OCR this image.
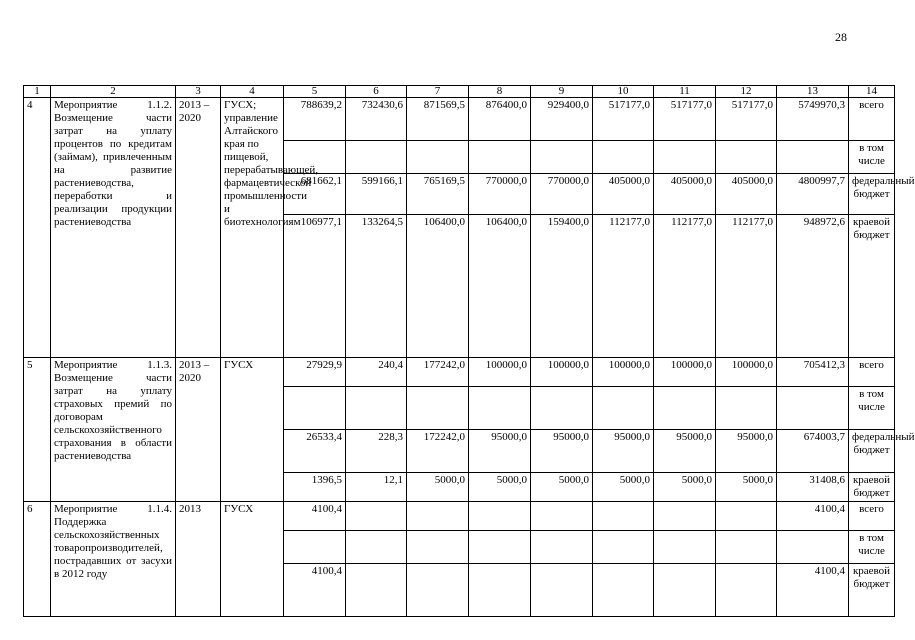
28
1	2	3	4	5	6	7	8	9	10	11	12	13	14
4	Мероприятие 1.1.2. Возмещение части затрат на уплату процентов по кредитам (займам), привлеченным на развитие растениеводства, переработки и реализации продукции растениеводства	2013 – 2020	ГУСХ; управление Алтайского края по пищевой, перерабатывающей, фармацевтической промышленности и биотехнологиям	788639,2	732430,6	871569,5	876400,0	929400,0	517177,0	517177,0	517177,0	5749970,3	всего
													в том числе
				681662,1	599166,1	765169,5	770000,0	770000,0	405000,0	405000,0	405000,0	4800997,7	федеральный бюджет
				106977,1	133264,5	106400,0	106400,0	159400,0	112177,0	112177,0	112177,0	948972,6	краевой бюджет
5	Мероприятие 1.1.3. Возмещение части затрат на уплату страховых премий по договорам сельскохозяйственного страхования в области растениеводства	2013 – 2020	ГУСХ	27929,9	240,4	177242,0	100000,0	100000,0	100000,0	100000,0	100000,0	705412,3	всего
													в том числе
				26533,4	228,3	172242,0	95000,0	95000,0	95000,0	95000,0	95000,0	674003,7	федеральный бюджет
				1396,5	12,1	5000,0	5000,0	5000,0	5000,0	5000,0	5000,0	31408,6	краевой бюджет
6	Мероприятие 1.1.4. Поддержка сельскохозяйственных товаропроизводителей, пострадавших от засухи в 2012 году	2013	ГУСХ	4100,4								4100,4	всего
													в том числе
				4100,4								4100,4	краевой бюджет
